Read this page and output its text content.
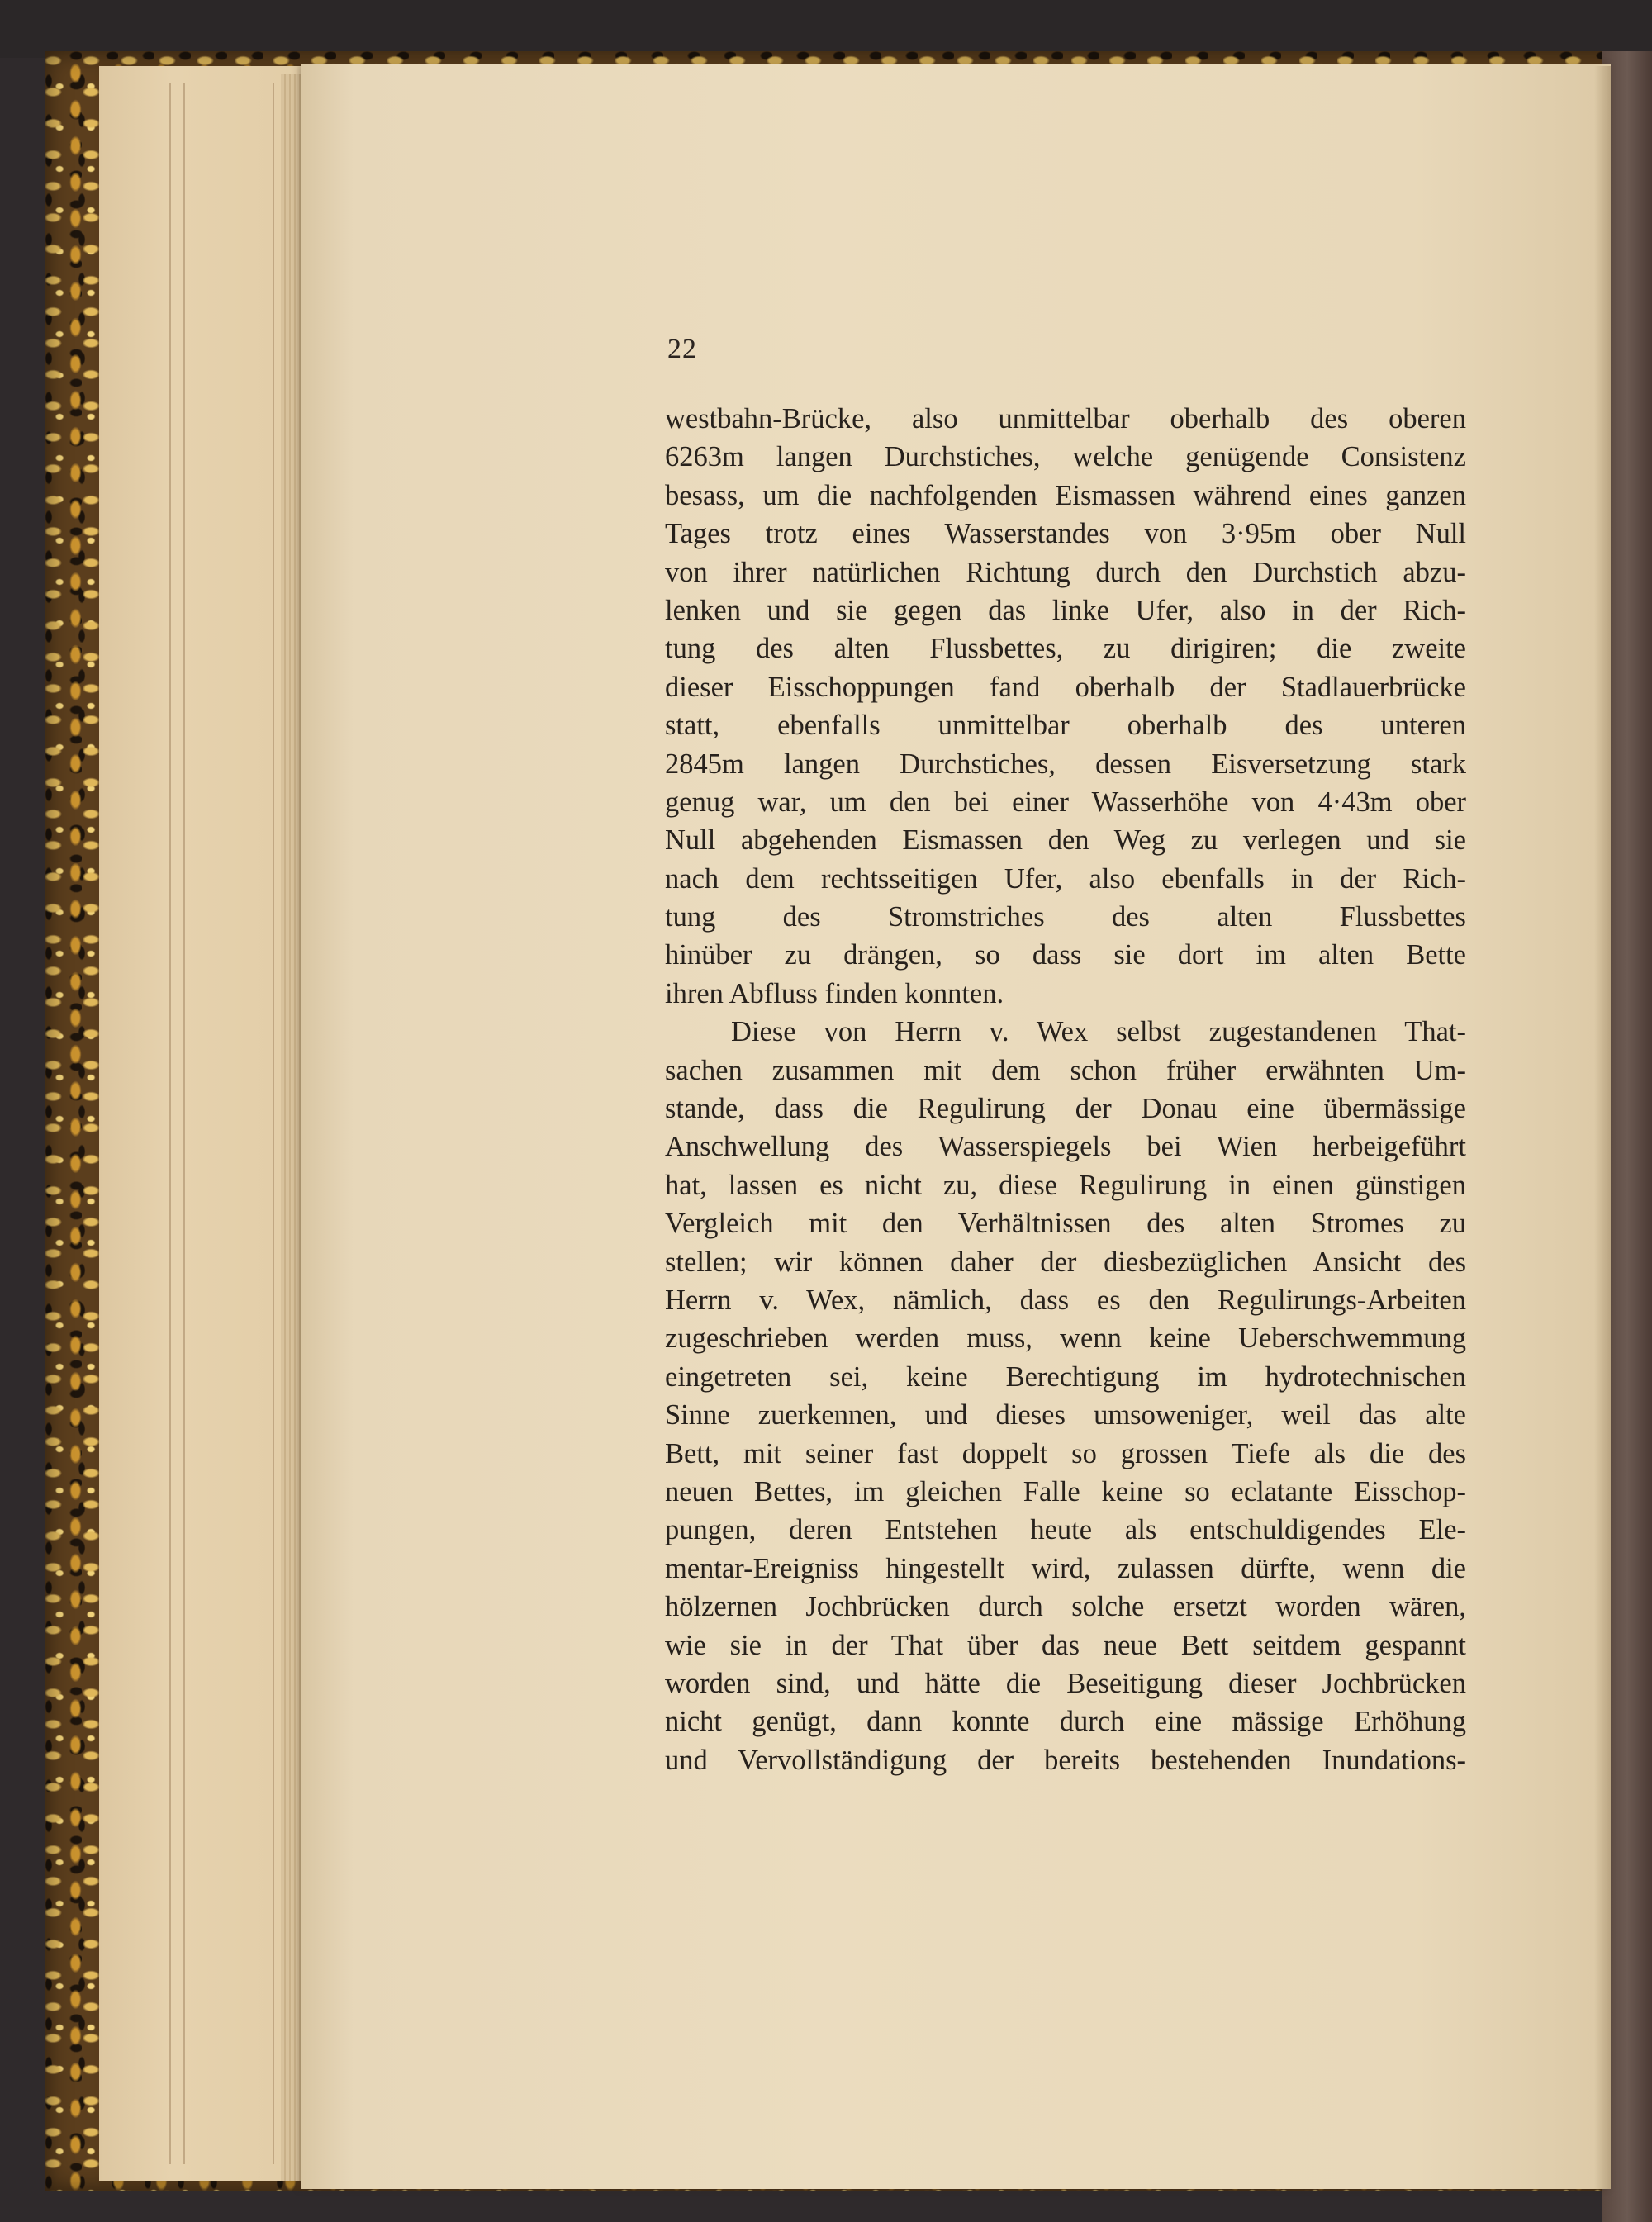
22
westbahn-Brücke, also unmittelbar oberhalb des oberen
6263m langen Durchstiches, welche genügende Consistenz
besass, um die nachfolgenden Eismassen während eines ganzen
Tages trotz eines Wasserstandes von 3·95m ober Null
von ihrer natürlichen Richtung durch den Durchstich abzu-
lenken und sie gegen das linke Ufer, also in der Rich-
tung des alten Flussbettes, zu dirigiren; die zweite
dieser Eisschoppungen fand oberhalb der Stadlauerbrücke
statt, ebenfalls unmittelbar oberhalb des unteren
2845m langen Durchstiches, dessen Eisversetzung stark
genug war, um den bei einer Wasserhöhe von 4·43m ober
Null abgehenden Eismassen den Weg zu verlegen und sie
nach dem rechtsseitigen Ufer, also ebenfalls in der Rich-
tung des Stromstriches des alten Flussbettes
hinüber zu drängen, so dass sie dort im alten Bette
ihren Abfluss finden konnten.
Diese von Herrn v. Wex selbst zugestandenen That-
sachen zusammen mit dem schon früher erwähnten Um-
stande, dass die Regulirung der Donau eine übermässige
Anschwellung des Wasserspiegels bei Wien herbeigeführt
hat, lassen es nicht zu, diese Regulirung in einen günstigen
Vergleich mit den Verhältnissen des alten Stromes zu
stellen; wir können daher der diesbezüglichen Ansicht des
Herrn v. Wex, nämlich, dass es den Regulirungs-Arbeiten
zugeschrieben werden muss, wenn keine Ueberschwemmung
eingetreten sei, keine Berechtigung im hydrotechnischen
Sinne zuerkennen, und dieses umsoweniger, weil das alte
Bett, mit seiner fast doppelt so grossen Tiefe als die des
neuen Bettes, im gleichen Falle keine so eclatante Eisschop-
pungen, deren Entstehen heute als entschuldigendes Ele-
mentar-Ereigniss hingestellt wird, zulassen dürfte, wenn die
hölzernen Jochbrücken durch solche ersetzt worden wären,
wie sie in der That über das neue Bett seitdem gespannt
worden sind, und hätte die Beseitigung dieser Jochbrücken
nicht genügt, dann konnte durch eine mässige Erhöhung
und Vervollständigung der bereits bestehenden Inundations-
